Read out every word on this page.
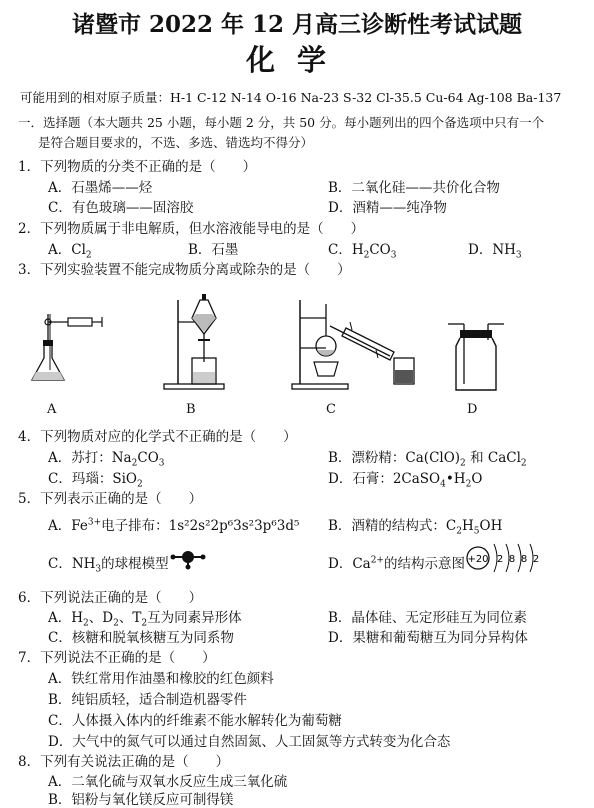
诸暨市 2022 年 12 月高三诊断性考试试题
化学
可能用到的相对原子质量：H-1 C-12 N-14 O-16 Na-23 S-32 Cl-35.5 Cu-64 Ag-108 Ba-137
一．选择题（本大题共 25 小题，每小题 2 分，共 50 分。每小题列出的四个备选项中只有一个
是符合题目要求的，不选、多选、错选均不得分）
1．下列物质的分类不正确的是（　　）
A．石墨烯——烃	B．二氧化硅——共价化合物
C．有色玻璃——固溶胶	D．酒精——纯净物
2．下列物质属于非电解质，但水溶液能导电的是（　　）
A．$Cl_2$	B．石墨	C．$H_2CO_3$	D．$NH_3$
3．下列实验装置不能完成物质分离或除杂的是（　　）
A	B	C	D
4．下列物质对应的化学式不正确的是（　　）
A．苏打：$Na_2CO_3$	B．漂粉精：$Ca(ClO)_2$ 和 CaCl$_2$
C．玛瑙：SiO$_2$	D．石膏：$2CaSO_4•H_2O$
5．下列表示正确的是（　　）
A．$Fe^{3+}$电子排布：1s²2s²2p⁶3s²3p⁶3d⁵ B．酒精的结构式：$C_2H_5OH$
C．$NH_3$的球棍模型	D．$Ca^{2+}$的结构示意图 +20 2 8 8 2
6．下列说法正确的是（　　）
A．$H_2$、$D_2$、$T_2$互为同素异形体	B．晶体硅、无定形硅互为同位素
C．核糖和脱氧核糖互为同系物	D．果糖和葡萄糖互为同分异构体
7．下列说法不正确的是（　　）
A．铁红常用作油墨和橡胶的红色颜料
B．纯铝质轻，适合制造机器零件
C．人体摄入体内的纤维素不能水解转化为葡萄糖
D．大气中的氮气可以通过自然固氮、人工固氮等方式转变为化合态
8．下列有关说法正确的是（　　）
A．二氧化硫与双氧水反应生成三氧化硫
B．铝粉与氧化镁反应可制得镁
